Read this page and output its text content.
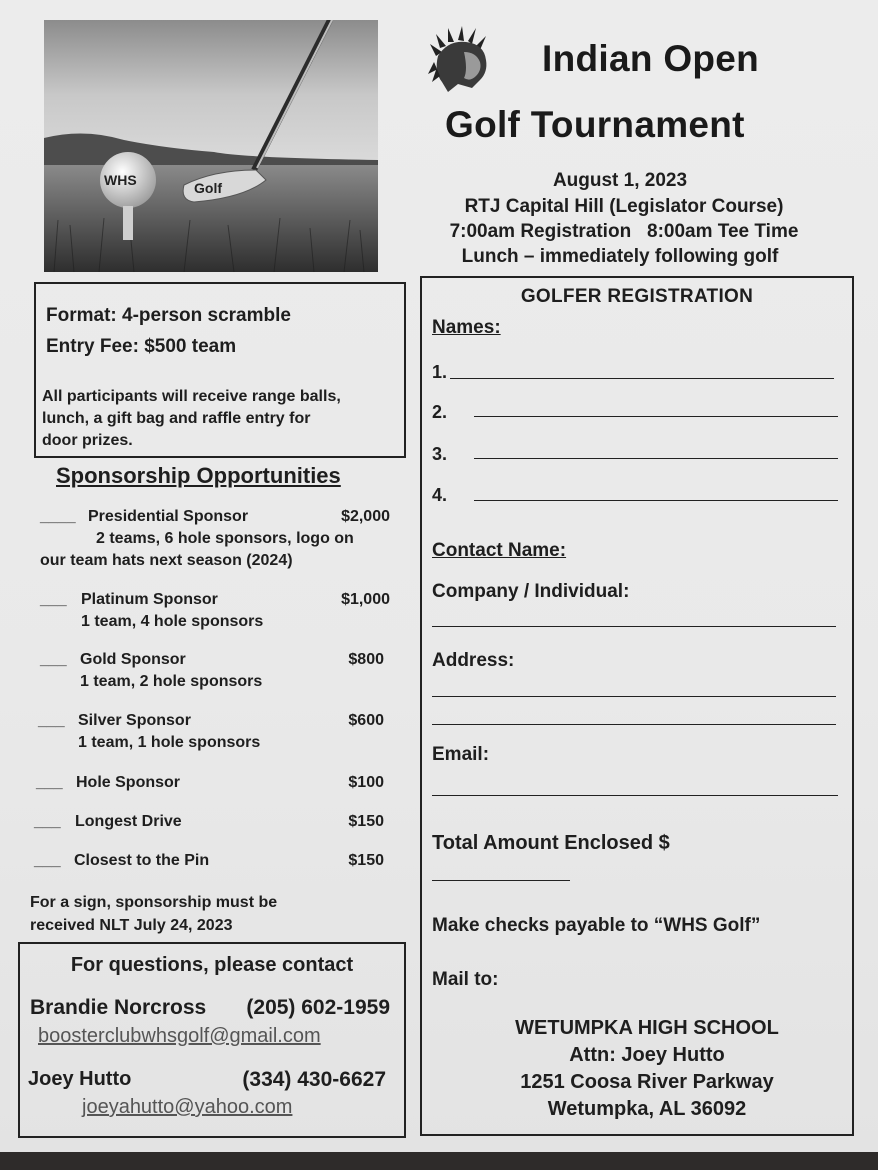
WHS	Golf
Indian Open
Golf Tournament
August 1, 2023
RTJ Capital Hill (Legislator Course)
7:00am Registration 8:00am Tee Time
Lunch – immediately following golf
Format: 4-person scramble
Entry Fee: $500 team
All participants will receive range balls,
lunch, a gift bag and raffle entry for
door prizes.
Sponsorship Opportunities
____ Presidential Sponsor	$2,000
2 teams, 6 hole sponsors, logo on
our team hats next season (2024)
___ Platinum Sponsor	$1,000
1 team, 4 hole sponsors
___ Gold Sponsor	$800
1 team, 2 hole sponsors
___ Silver Sponsor	$600
1 team, 1 hole sponsors
___ Hole Sponsor	$100
___ Longest Drive	$150
___ Closest to the Pin	$150
For a sign, sponsorship must be
received NLT July 24, 2023
For questions, please contact
Brandie Norcross (205) 602-1959
boosterclubwhsgolf@gmail.com
Joey Hutto	(334) 430-6627
joeyahutto@yahoo.com
GOLFER REGISTRATION
Names:
1.
2.
3.
4.
Contact Name:
Company / Individual:
Address:
Email:
Total Amount Enclosed $
Make checks payable to “WHS Golf”
Mail to:
WETUMPKA HIGH SCHOOL
Attn: Joey Hutto
1251 Coosa River Parkway
Wetumpka, AL 36092
